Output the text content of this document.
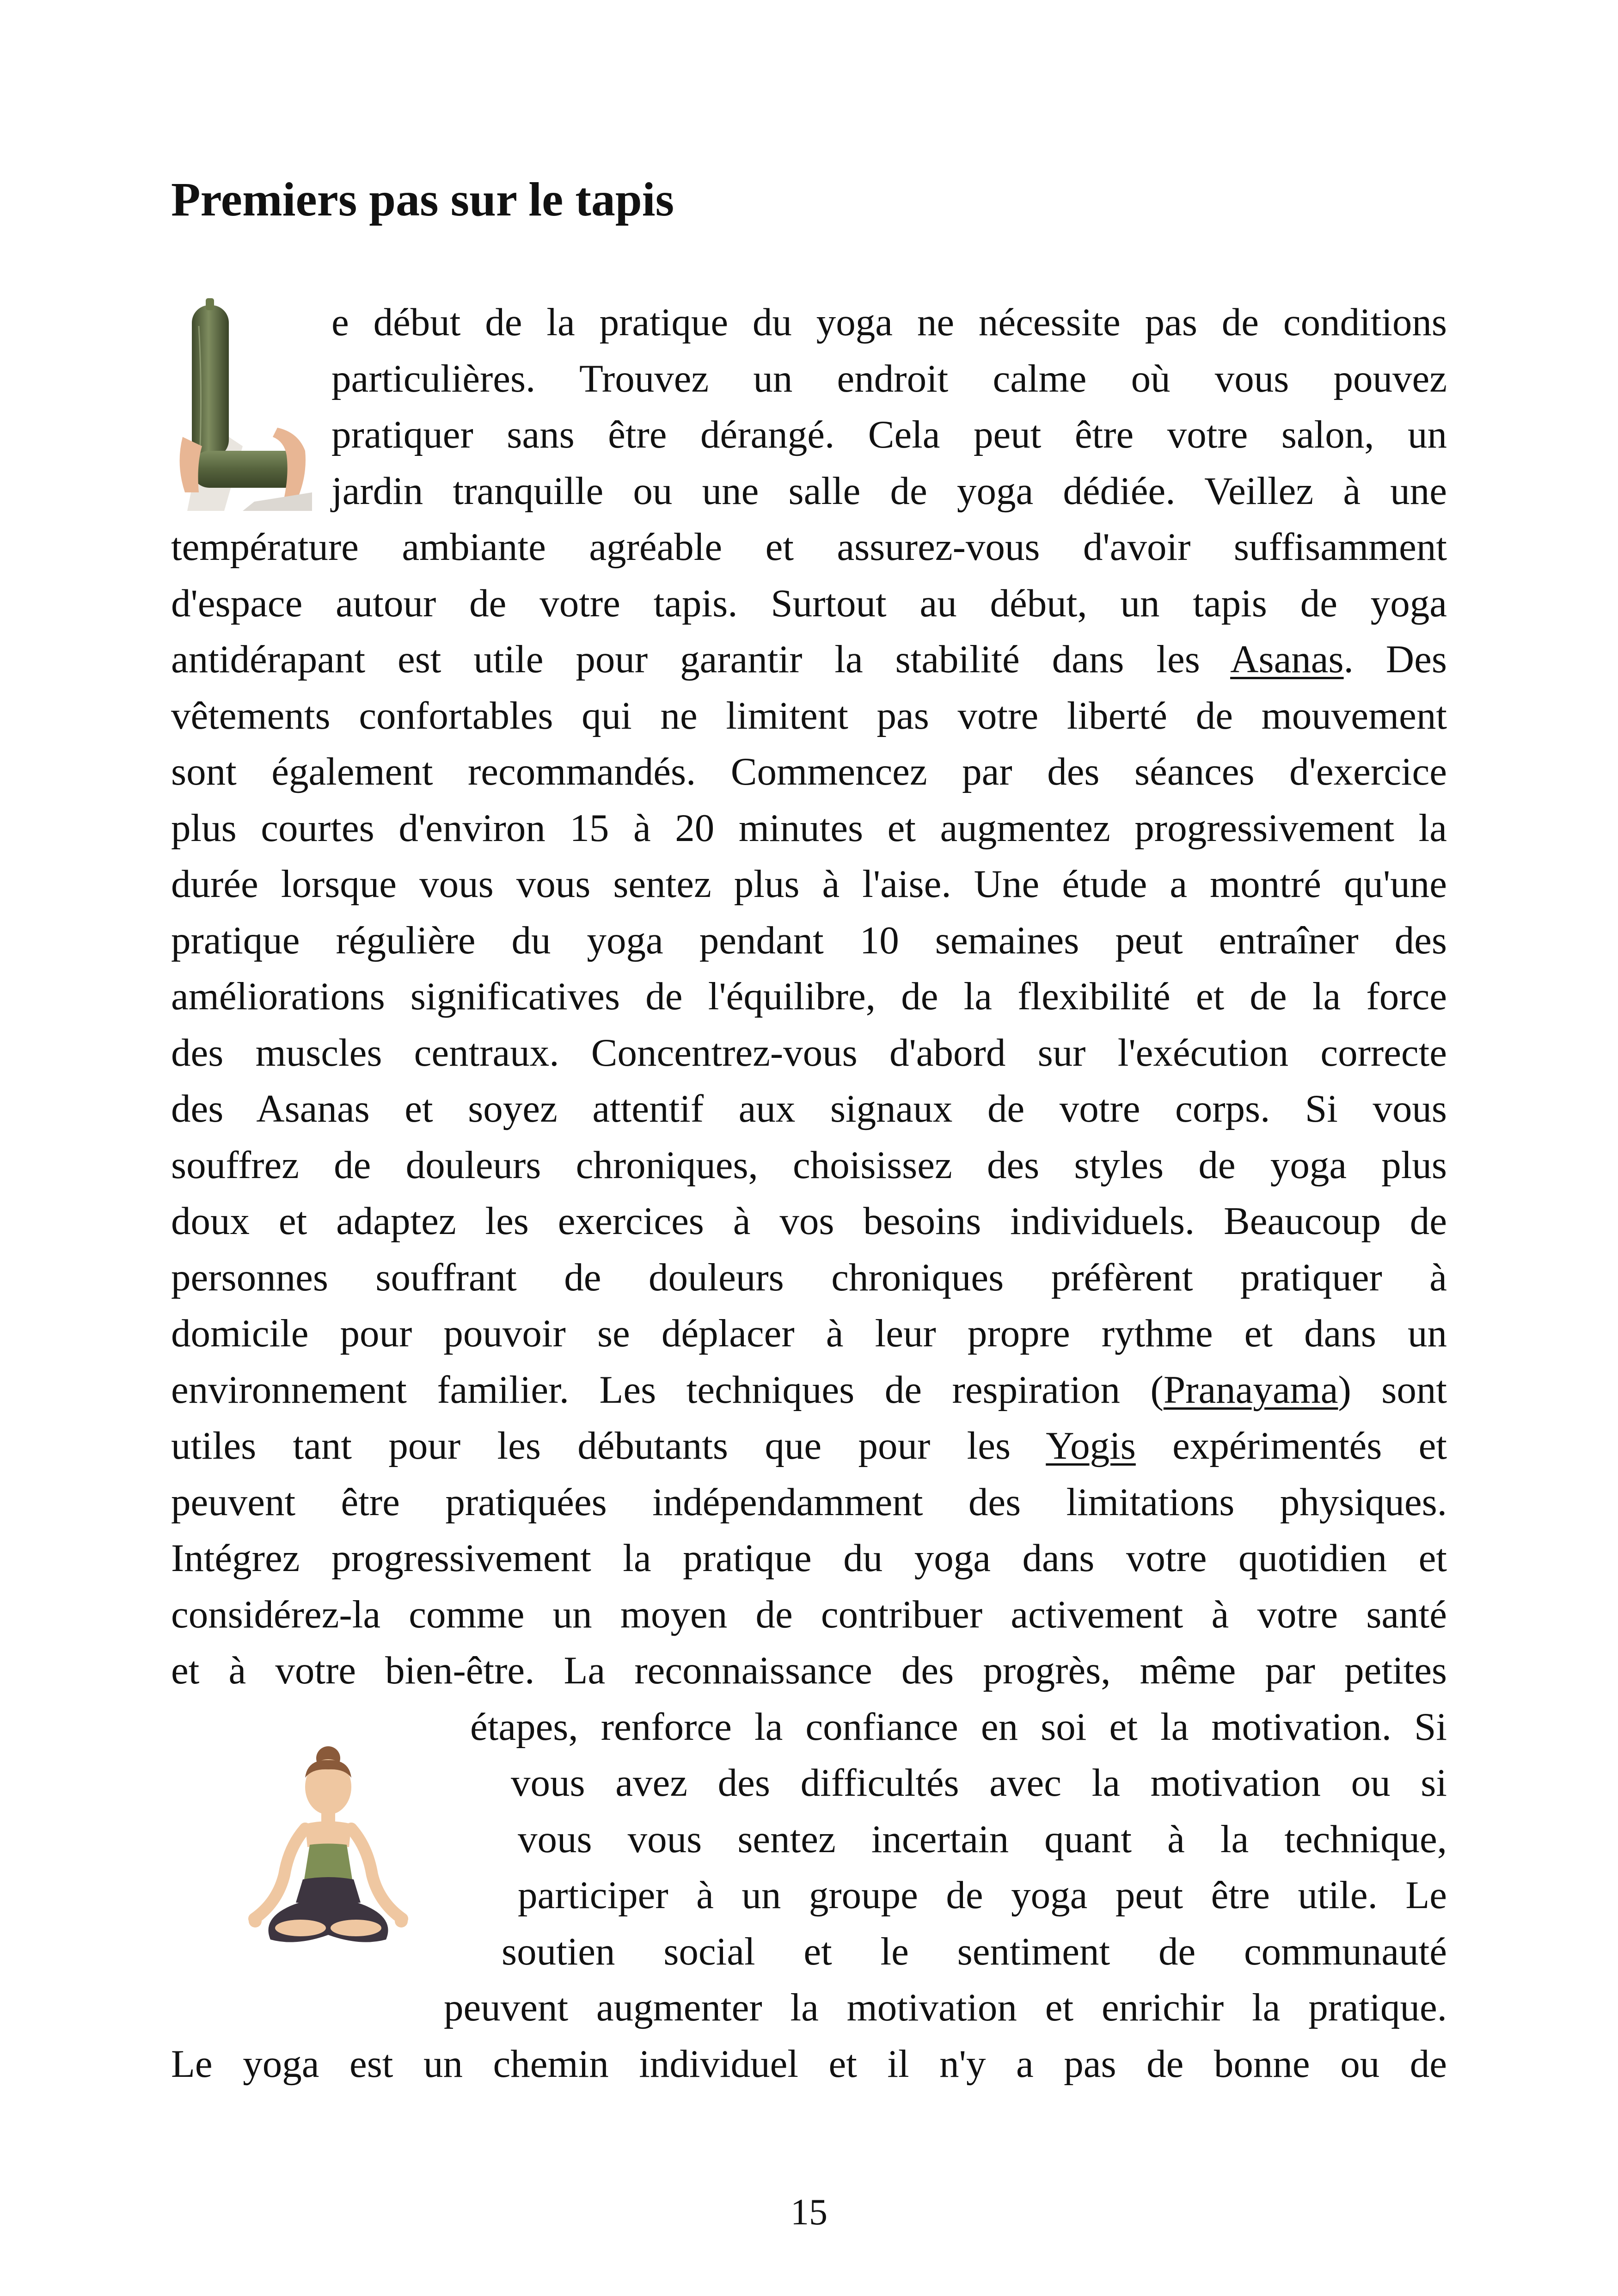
Premiers pas sur le tapis

e début de la pratique du yoga ne nécessite pas de conditions

particulières. Trouvez un endroit calme où vous pouvez

pratiquer sans être dérangé. Cela peut être votre salon, un

jardin tranquille ou une salle de yoga dédiée. Veillez à une

température ambiante agréable et assurez-vous d'avoir suffisamment

d'espace autour de votre tapis. Surtout au début, un tapis de yoga

antidérapant est utile pour garantir la stabilité dans les Asanas. Des

vêtements confortables qui ne limitent pas votre liberté de mouvement

sont également recommandés. Commencez par des séances d'exercice

plus courtes d'environ 15 à 20 minutes et augmentez progressivement la

durée lorsque vous vous sentez plus à l'aise. Une étude a montré qu'une

pratique régulière du yoga pendant 10 semaines peut entraîner des

améliorations significatives de l'équilibre, de la flexibilité et de la force

des muscles centraux. Concentrez-vous d'abord sur l'exécution correcte

des Asanas et soyez attentif aux signaux de votre corps. Si vous

souffrez de douleurs chroniques, choisissez des styles de yoga plus

doux et adaptez les exercices à vos besoins individuels. Beaucoup de

personnes souffrant de douleurs chroniques préfèrent pratiquer à

domicile pour pouvoir se déplacer à leur propre rythme et dans un

environnement familier. Les techniques de respiration (Pranayama) sont

utiles tant pour les débutants que pour les Yogis expérimentés et

peuvent être pratiquées indépendamment des limitations physiques.

Intégrez progressivement la pratique du yoga dans votre quotidien et

considérez-la comme un moyen de contribuer activement à votre santé

et à votre bien-être. La reconnaissance des progrès, même par petites

étapes, renforce la confiance en soi et la motivation. Si

vous avez des difficultés avec la motivation ou si

vous vous sentez incertain quant à la technique,

participer à un groupe de yoga peut être utile. Le

soutien social et le sentiment de communauté

peuvent augmenter la motivation et enrichir la pratique.

Le yoga est un chemin individuel et il n'y a pas de bonne ou de

15
